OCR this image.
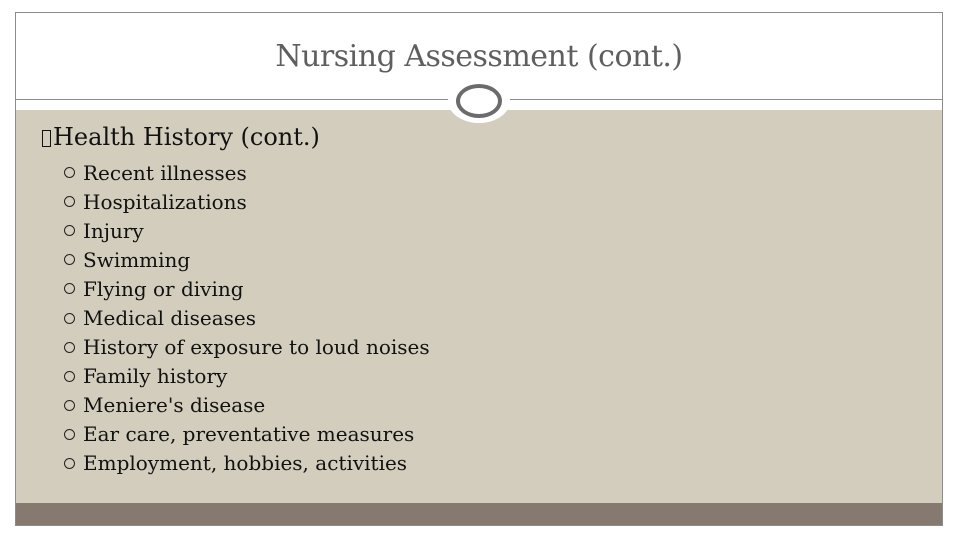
Nursing Assessment (cont.)
Health History (cont.)
Recent illnesses
Hospitalizations
Injury
Swimming
Flying or diving
Medical diseases
History of exposure to loud noises
Family history
Meniere's disease
Ear care, preventative measures
Employment, hobbies, activities
